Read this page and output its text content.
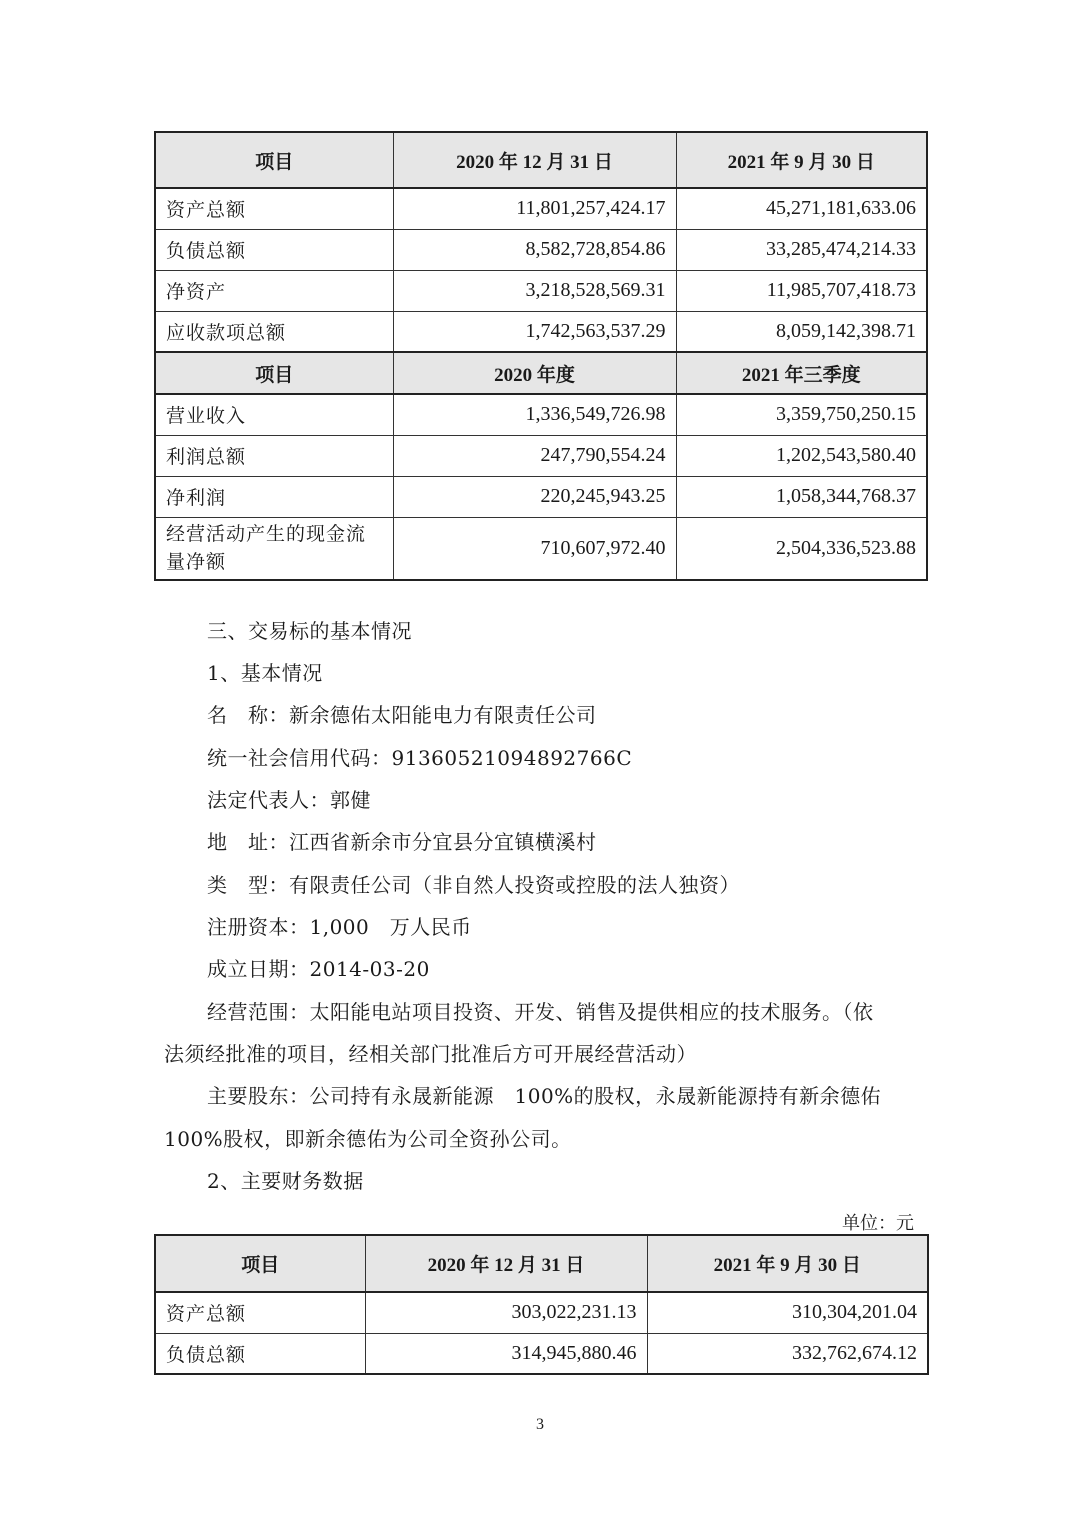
项目	2020 年 12 月 31 日	2021 年 9 月 30 日
资产总额	11,801,257,424.17	45,271,181,633.06
负债总额	8,582,728,854.86	33,285,474,214.33
净资产	3,218,528,569.31	11,985,707,418.73
应收款项总额	1,742,563,537.29	8,059,142,398.71
项目	2020 年度	2021 年三季度
营业收入	1,336,549,726.98	3,359,750,250.15
利润总额	247,790,554.24	1,202,543,580.40
净利润	220,245,943.25	1,058,344,768.37
经营活动产生的现金流量净额	710,607,972.40	2,504,336,523.88
三、交易标的基本情况
1、基本情况
名　称：新余德佑太阳能电力有限责任公司
统一社会信用代码：91360521094892766C
法定代表人：郭健
地　址：江西省新余市分宜县分宜镇横溪村
类　型：有限责任公司（非自然人投资或控股的法人独资）
注册资本：1,000　万人民币
成立日期：2014-03-20
经营范围：太阳能电站项目投资、开发、销售及提供相应的技术服务。（依
法须经批准的项目，经相关部门批准后方可开展经营活动）
主要股东：公司持有永晟新能源　100%的股权，永晟新能源持有新余德佑
100%股权，即新余德佑为公司全资孙公司。
2、主要财务数据
单位：元
项目	2020 年 12 月 31 日	2021 年 9 月 30 日
资产总额	303,022,231.13	310,304,201.04
负债总额	314,945,880.46	332,762,674.12
3
